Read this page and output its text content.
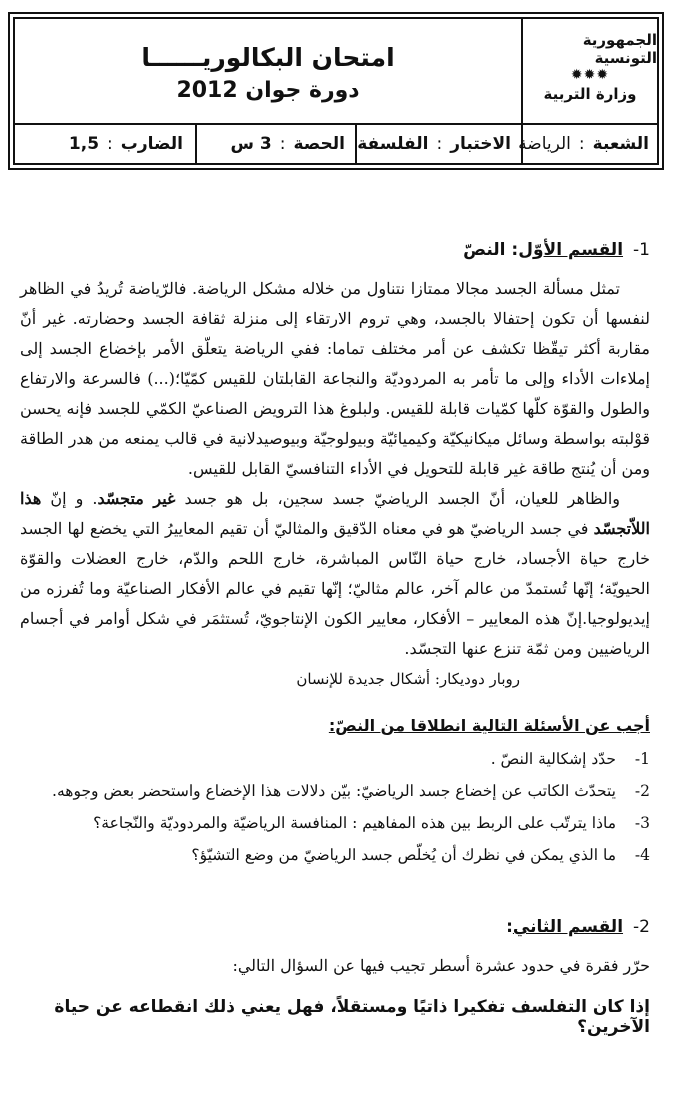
الجمهورية التونسية
✹✹✹
وزارة التربية
امتحان البكالوريــــــا
دورة جوان 2012
الشعبة
:
الرياضة
الاختبار
:
الفلسفة
الحصة
:
3 س
الضارب
:
1,5
1-القسم الأوّل: النصّ

تمثل مسألة الجسد مجالا ممتازا نتناول من خلاله مشكل الرياضة. فالرّياضة تُريدُ في الظاهر لنفسها أن تكون إحتفالا بالجسد، وهي تروم الارتقاء إلى منزلة ثقافة الجسد وحضارته. غير أنّ مقاربة أكثر تيقّظا تكشف عن أمر مختلف تماما: ففي الرياضة يتعلّق الأمر بإخضاع الجسد إلى إملاءات الأداء وإلى ما تأمر به المردوديّة والنجاعة القابلتان للقيس كمّيّا؛(...) فالسرعة والارتفاع والطول والقوّة كلّها كمّيات قابلة للقيس. ولبلوغ هذا الترويض الصناعيّ الكمّي للجسد فإنه يحسن قوْلبته بواسطة وسائل ميكانيكيّة وكيميائيّة وبيولوجيّة وبيوصيدلانية في قالب يمنعه من هدر الطاقة ومن أن يُنتج طاقة غير قابلة للتحويل في الأداء التنافسيّ القابل للقيس.

والظاهر للعيان، أنّ الجسد الرياضيّ جسد سجين، بل هو جسد غير متجسّد. و إنّ هذا اللاّتجسّد في جسد الرياضيّ هو في معناه الدّقيق والمثاليّ أن تقيم المعاييرُ التي يخضع لها الجسد خارج حياة الأجساد، خارج حياة النّاس المباشرة، خارج اللحم والدّم، خارج العضلات والقوّة الحيويّة؛ إنّها تُستمدّ من عالم آخر، عالم مثاليّ؛ إنّها تقيم في عالم الأفكار الصناعيّة وما تُفرزه من إيديولوجيا.إنّ هذه المعايير – الأفكار، معايير الكون الإنتاجويّ، تُستثمَر في شكل أوامر في أجسام الرياضيين ومن ثمّة تنزع عنها التجسّد.

روبار دوديكار: أشكال جديدة للإنسان
أجب عن الأسئلة التالية انطلاقا من النصّ:
1-حدّد إشكالية النصّ .
2-يتحدّث الكاتب عن إخضاع جسد الرياضيّ: بيّن دلالات هذا الإخضاع واستحضر بعض وجوهه.
3-ماذا يترتّب على الربط بين هذه المفاهيم : المنافسة الرياضيّة والمردوديّة والنّجاعة؟
4-ما الذي يمكن في نظرك أن يُخلّص جسد الرياضيّ من وضع التشيّؤ؟
2-القسم الثاني:
حرّر فقرة في حدود عشرة أسطر تجيب فيها عن السؤال التالي:
إذا كان التفلسف تفكيرا ذاتيًا ومستقلاً، فهل يعني ذلك انقطاعه عن حياة الآخرين؟
